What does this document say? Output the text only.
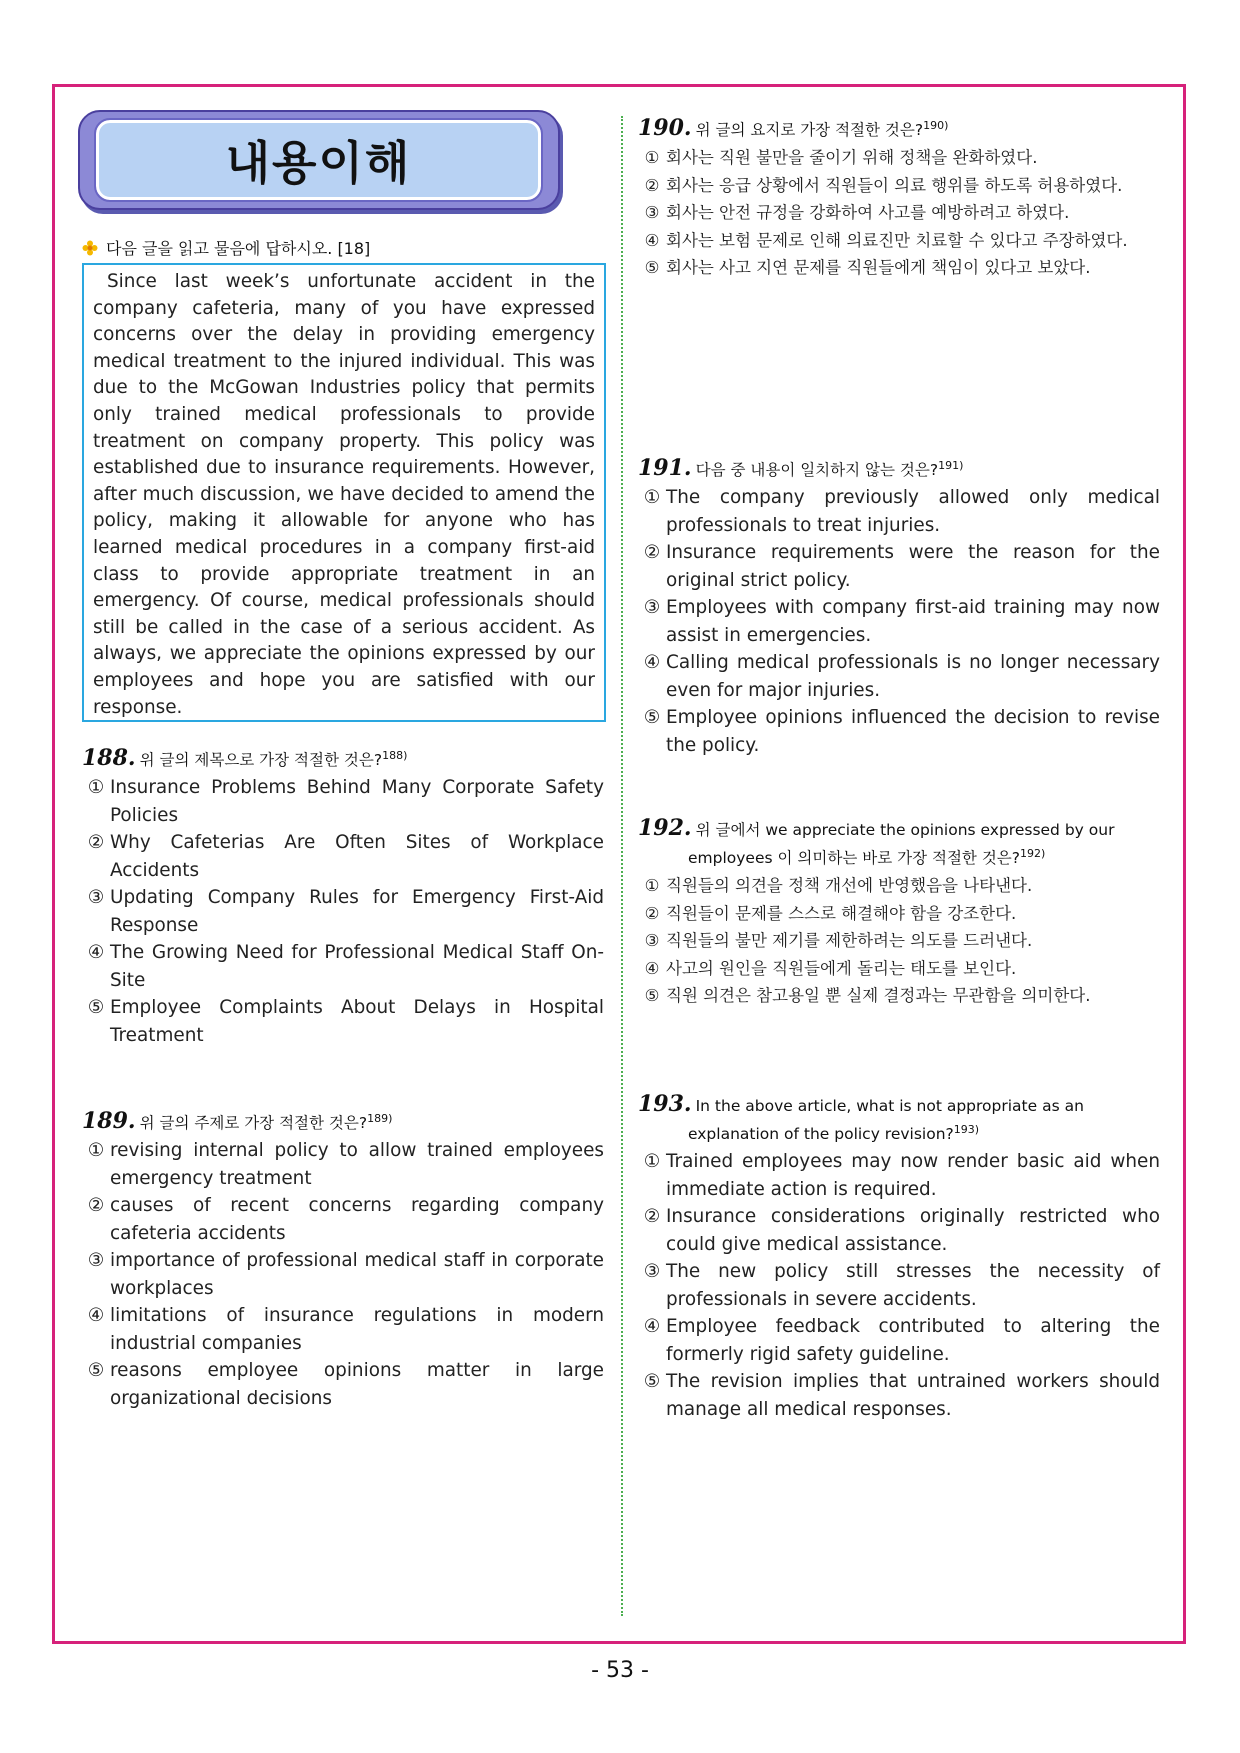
내용이해
다음 글을 읽고 물음에 답하시오. [18]

Since last week’s unfortunate accident in the company cafeteria, many of you have expressed concerns over the delay in providing emergency medical treatment to the injured individual. This was due to the McGowan Industries policy that permits only trained medical professionals to provide treatment on company property. This policy was established due to insurance requirements. However, after much discussion, we have decided to amend the policy, making it allowable for anyone who has learned medical procedures in a company first-aid class to provide appropriate treatment in an emergency. Of course, medical professionals should still be called in the case of a serious accident. As always, we appreciate the opinions expressed by our employees and hope you are satisfied with our response.

188. 위 글의 제목으로 가장 적절한 것은?$^{188)}$
① Insurance Problems Behind Many Corporate Safety Policies
② Why Cafeterias Are Often Sites of Workplace Accidents
③ Updating Company Rules for Emergency First-Aid Response
④ The Growing Need for Professional Medical Staff On-Site
⑤ Employee Complaints About Delays in Hospital Treatment
189. 위 글의 주제로 가장 적절한 것은?$^{189)}$
① revising internal policy to allow trained employees emergency treatment
② causes of recent concerns regarding company cafeteria accidents
③ importance of professional medical staff in corporate workplaces
④ limitations of insurance regulations in modern industrial companies
⑤ reasons employee opinions matter in large organizational decisions
190. 위 글의 요지로 가장 적절한 것은?$^{190)}$
① 회사는 직원 불만을 줄이기 위해 정책을 완화하였다.
② 회사는 응급 상황에서 직원들이 의료 행위를 하도록 허용하였다.
③ 회사는 안전 규정을 강화하여 사고를 예방하려고 하였다.
④ 회사는 보험 문제로 인해 의료진만 치료할 수 있다고 주장하였다.
⑤ 회사는 사고 지연 문제를 직원들에게 책임이 있다고 보았다.
191. 다음 중 내용이 일치하지 않는 것은?$^{191)}$
① The company previously allowed only medical professionals to treat injuries.
② Insurance requirements were the reason for the original strict policy.
③ Employees with company first-aid training may now assist in emergencies.
④ Calling medical professionals is no longer necessary even for major injuries.
⑤ Employee opinions influenced the decision to revise the policy.
192. 위 글에서 we appreciate the opinions expressed by our
employees 이 의미하는 바로 가장 적절한 것은?$^{192)}$
① 직원들의 의견을 정책 개선에 반영했음을 나타낸다.
② 직원들이 문제를 스스로 해결해야 함을 강조한다.
③ 직원들의 불만 제기를 제한하려는 의도를 드러낸다.
④ 사고의 원인을 직원들에게 돌리는 태도를 보인다.
⑤ 직원 의견은 참고용일 뿐 실제 결정과는 무관함을 의미한다.
193. In the above article, what is not appropriate as an
explanation of the policy revision?$^{193)}$
① Trained employees may now render basic aid when immediate action is required.
② Insurance considerations originally restricted who could give medical assistance.
③ The new policy still stresses the necessity of professionals in severe accidents.
④ Employee feedback contributed to altering the formerly rigid safety guideline.
⑤ The revision implies that untrained workers should manage all medical responses.
- 53 -
